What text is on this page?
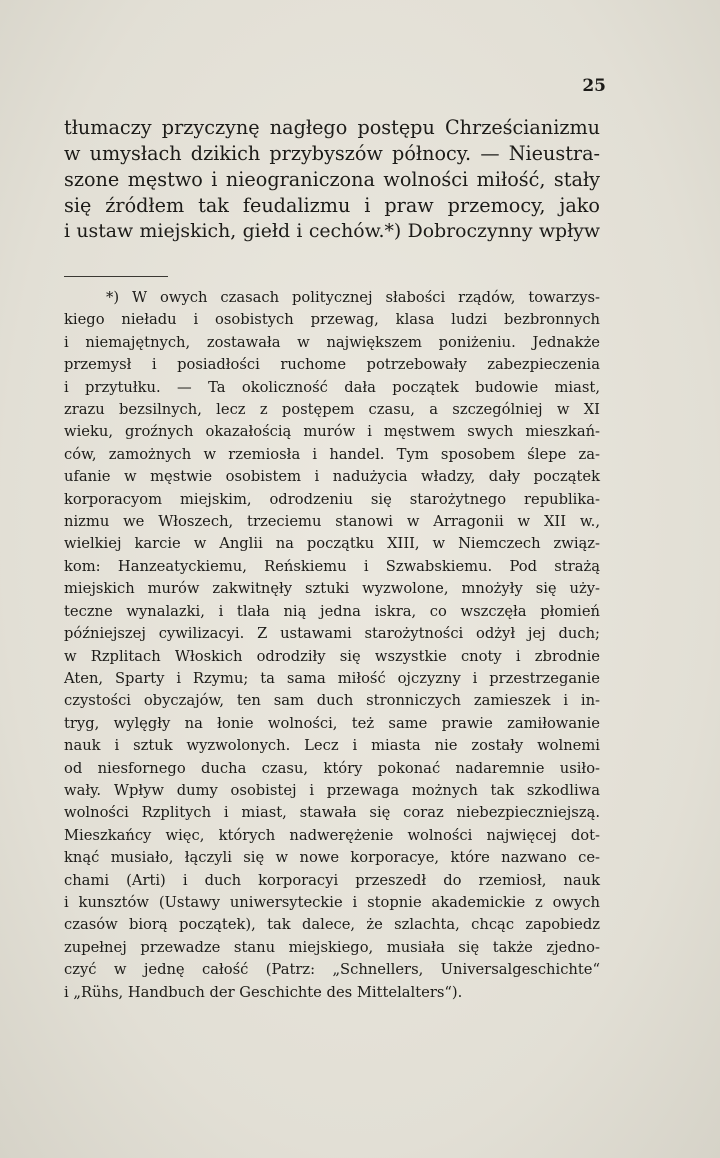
25
tłumaczy przyczynę nagłego postępu Chrześcianizmu
w umysłach dzikich przybyszów północy. — Nieustra-
szone męstwo i nieograniczona wolności miłość, stały
się źródłem tak feudalizmu i praw przemocy, jako
i ustaw miejskich, giełd i cechów.*) Dobroczynny wpływ
*) W owych czasach politycznej słabości rządów, towarzys-
kiego nieładu i osobistych przewag, klasa ludzi bezbronnych
i niemajętnych, zostawała w największem poniżeniu. Jednakże
przemysł i posiadłości ruchome potrzebowały zabezpieczenia
i przytułku. — Ta okoliczność dała początek budowie miast,
zrazu bezsilnych, lecz z postępem czasu, a szczególniej w XI
wieku, groźnych okazałością murów i męstwem swych mieszkań-
ców, zamożnych w rzemiosła i handel. Tym sposobem ślepe za-
ufanie w męstwie osobistem i nadużycia władzy, dały początek
korporacyom miejskim, odrodzeniu się starożytnego republika-
nizmu we Włoszech, trzeciemu stanowi w Arragonii w XII w.,
wielkiej karcie w Anglii na początku XIII, w Niemczech związ-
kom: Hanzeatyckiemu, Reńskiemu i Szwabskiemu. Pod strażą
miejskich murów zakwitnęły sztuki wyzwolone, mnożyły się uży-
teczne wynalazki, i tlała nią jedna iskra, co wszczęła płomień
późniejszej cywilizacyi. Z ustawami starożytności odżył jej duch;
w Rzplitach Włoskich odrodziły się wszystkie cnoty i zbrodnie
Aten, Sparty i Rzymu; ta sama miłość ojczyzny i przestrzeganie
czystości obyczajów, ten sam duch stronniczych zamieszek i in-
tryg, wylęgły na łonie wolności, też same prawie zamiłowanie
nauk i sztuk wyzwolonych. Lecz i miasta nie zostały wolnemi
od niesfornego ducha czasu, który pokonać nadaremnie usiło-
wały. Wpływ dumy osobistej i przewaga możnych tak szkodliwa
wolności Rzplitych i miast, stawała się coraz niebezpieczniejszą.
Mieszkańcy więc, których nadwerężenie wolności najwięcej dot-
knąć musiało, łączyli się w nowe korporacye, które nazwano ce-
chami (Arti) i duch korporacyi przeszedł do rzemiosł, nauk
i kunsztów (Ustawy uniwersyteckie i stopnie akademickie z owych
czasów biorą początek), tak dalece, że szlachta, chcąc zapobiedz
zupełnej przewadze stanu miejskiego, musiała się także zjedno-
czyć w jednę całość (Patrz: „Schnellers, Universalgeschichte“
i „Rühs, Handbuch der Geschichte des Mittelalters“).
